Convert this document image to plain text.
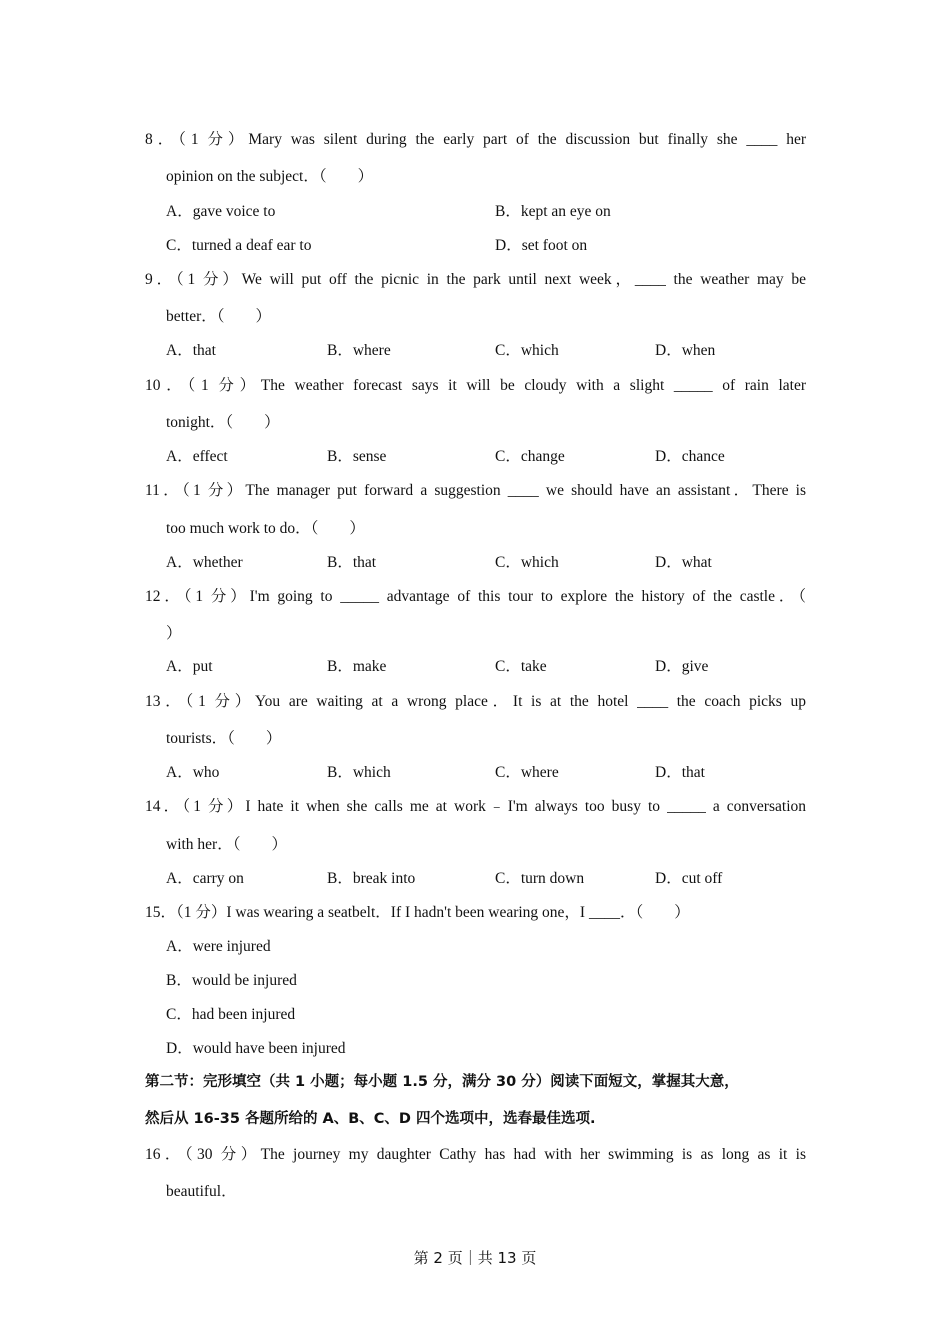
8．（1 分）Mary was silent during the early part of the discussion but finally she ____ her
opinion on the subject．（　　）
A．gave voice to	B．kept an eye on
C．turned a deaf ear to	D．set foot on
9．（1 分）We will put off the picnic in the park until next week，____ the weather may be
better．（　　）
A．that	B．where	C．which	D．when
10．（1 分）The weather forecast says it will be cloudy with a slight _____ of rain later
tonight．（　　）
A．effect	B．sense	C．change	D．chance
11．（1 分）The manager put forward a suggestion ____ we should have an assistant．There is
too much work to do．（　　）
A．whether	B．that	C．which	D．what
12．（1 分）I'm going to _____ advantage of this tour to explore the history of the castle．（
）
A．put	B．make	C．take	D．give
13．（1 分）You are waiting at a wrong place．It is at the hotel ____ the coach picks up
tourists．（　　）
A．who	B．which	C．where	D．that
14．（1 分）I hate it when she calls me at work﹣I'm always too busy to _____ a conversation
with her．（　　）
A．carry on	B．break into	C．turn down	D．cut off
15．（1 分）I was wearing a seatbelt．If I hadn't been wearing one，I ____．（　　）
A．were injured
B．would be injured
C．had been injured
D．would have been injured
第二节：完形填空（共 1 小题；每小题 1.5 分，满分 30 分）阅读下面短文，掌握其大意，
然后从 16-35 各题所给的 A、B、C、D 四个选项中，选春最佳选项.
16．（30 分）The journey my daughter Cathy has had with her swimming is as long as it is
beautiful．
第 2 页｜共 13 页
